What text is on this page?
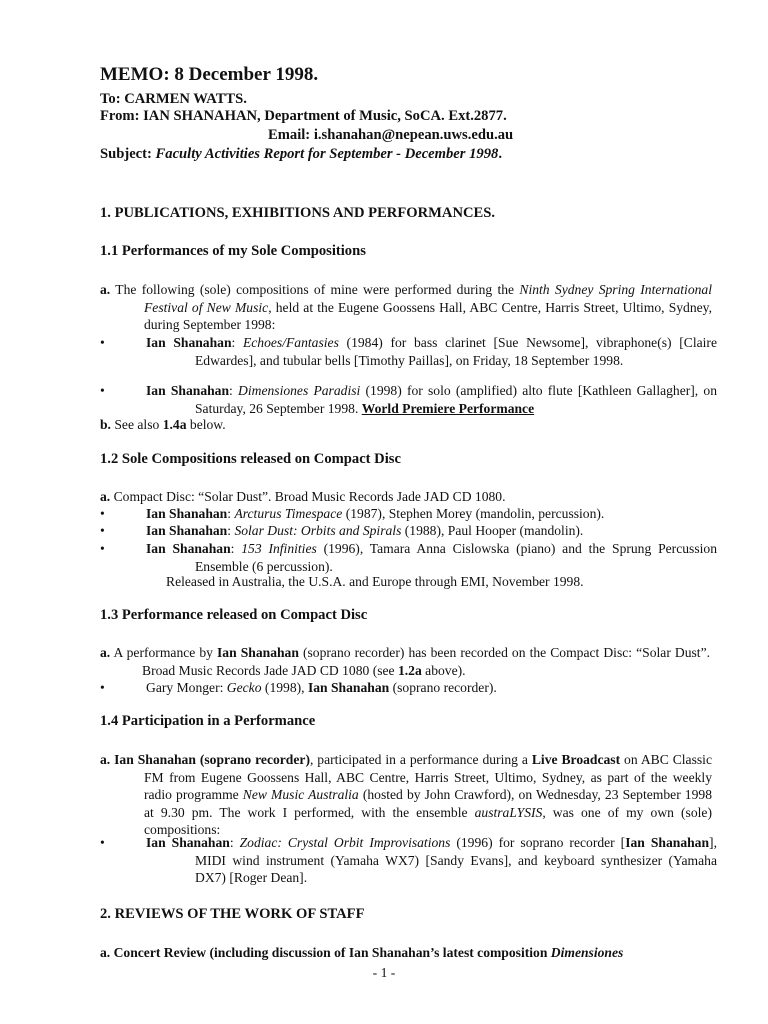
MEMO: 8 December 1998.
To: CARMEN WATTS.
From: IAN SHANAHAN, Department of Music, SoCA. Ext.2877.
Email: i.shanahan@nepean.uws.edu.au
Subject: Faculty Activities Report for September - December 1998.
1. PUBLICATIONS, EXHIBITIONS AND PERFORMANCES.
1.1 Performances of my Sole Compositions
a. The following (sole) compositions of mine were performed during the Ninth Sydney Spring International Festival of New Music, held at the Eugene Goossens Hall, ABC Centre, Harris Street, Ultimo, Sydney, during September 1998:
•	Ian Shanahan: Echoes/Fantasies (1984) for bass clarinet [Sue Newsome], vibraphone(s) [Claire Edwardes], and tubular bells [Timothy Paillas], on Friday, 18 September 1998.
•	Ian Shanahan: Dimensiones Paradisi (1998) for solo (amplified) alto flute [Kathleen Gallagher], on Saturday, 26 September 1998. World Premiere Performance
b. See also 1.4a below.
1.2 Sole Compositions released on Compact Disc
a. Compact Disc: “Solar Dust”. Broad Music Records Jade JAD CD 1080.
•	Ian Shanahan: Arcturus Timespace (1987), Stephen Morey (mandolin, percussion).
•	Ian Shanahan: Solar Dust: Orbits and Spirals (1988), Paul Hooper (mandolin).
•	Ian Shanahan: 153 Infinities (1996), Tamara Anna Cislowska (piano) and the Sprung Percussion Ensemble (6 percussion).
Released in Australia, the U.S.A. and Europe through EMI, November 1998.
1.3 Performance released on Compact Disc
a. A performance by Ian Shanahan (soprano recorder) has been recorded on the Compact Disc: “Solar Dust”. Broad Music Records Jade JAD CD 1080 (see 1.2a above).
•	Gary Monger: Gecko (1998), Ian Shanahan (soprano recorder).
1.4 Participation in a Performance
a. Ian Shanahan (soprano recorder), participated in a performance during a Live Broadcast on ABC Classic FM from Eugene Goossens Hall, ABC Centre, Harris Street, Ultimo, Sydney, as part of the weekly radio programme New Music Australia (hosted by John Crawford), on Wednesday, 23 September 1998 at 9.30 pm. The work I performed, with the ensemble austraLYSIS, was one of my own (sole) compositions:
•	Ian Shanahan: Zodiac: Crystal Orbit Improvisations (1996) for soprano recorder [Ian Shanahan], MIDI wind instrument (Yamaha WX7) [Sandy Evans], and keyboard synthesizer (Yamaha DX7) [Roger Dean].
2. REVIEWS OF THE WORK OF STAFF
a. Concert Review (including discussion of Ian Shanahan’s latest composition Dimensiones
- 1 -
